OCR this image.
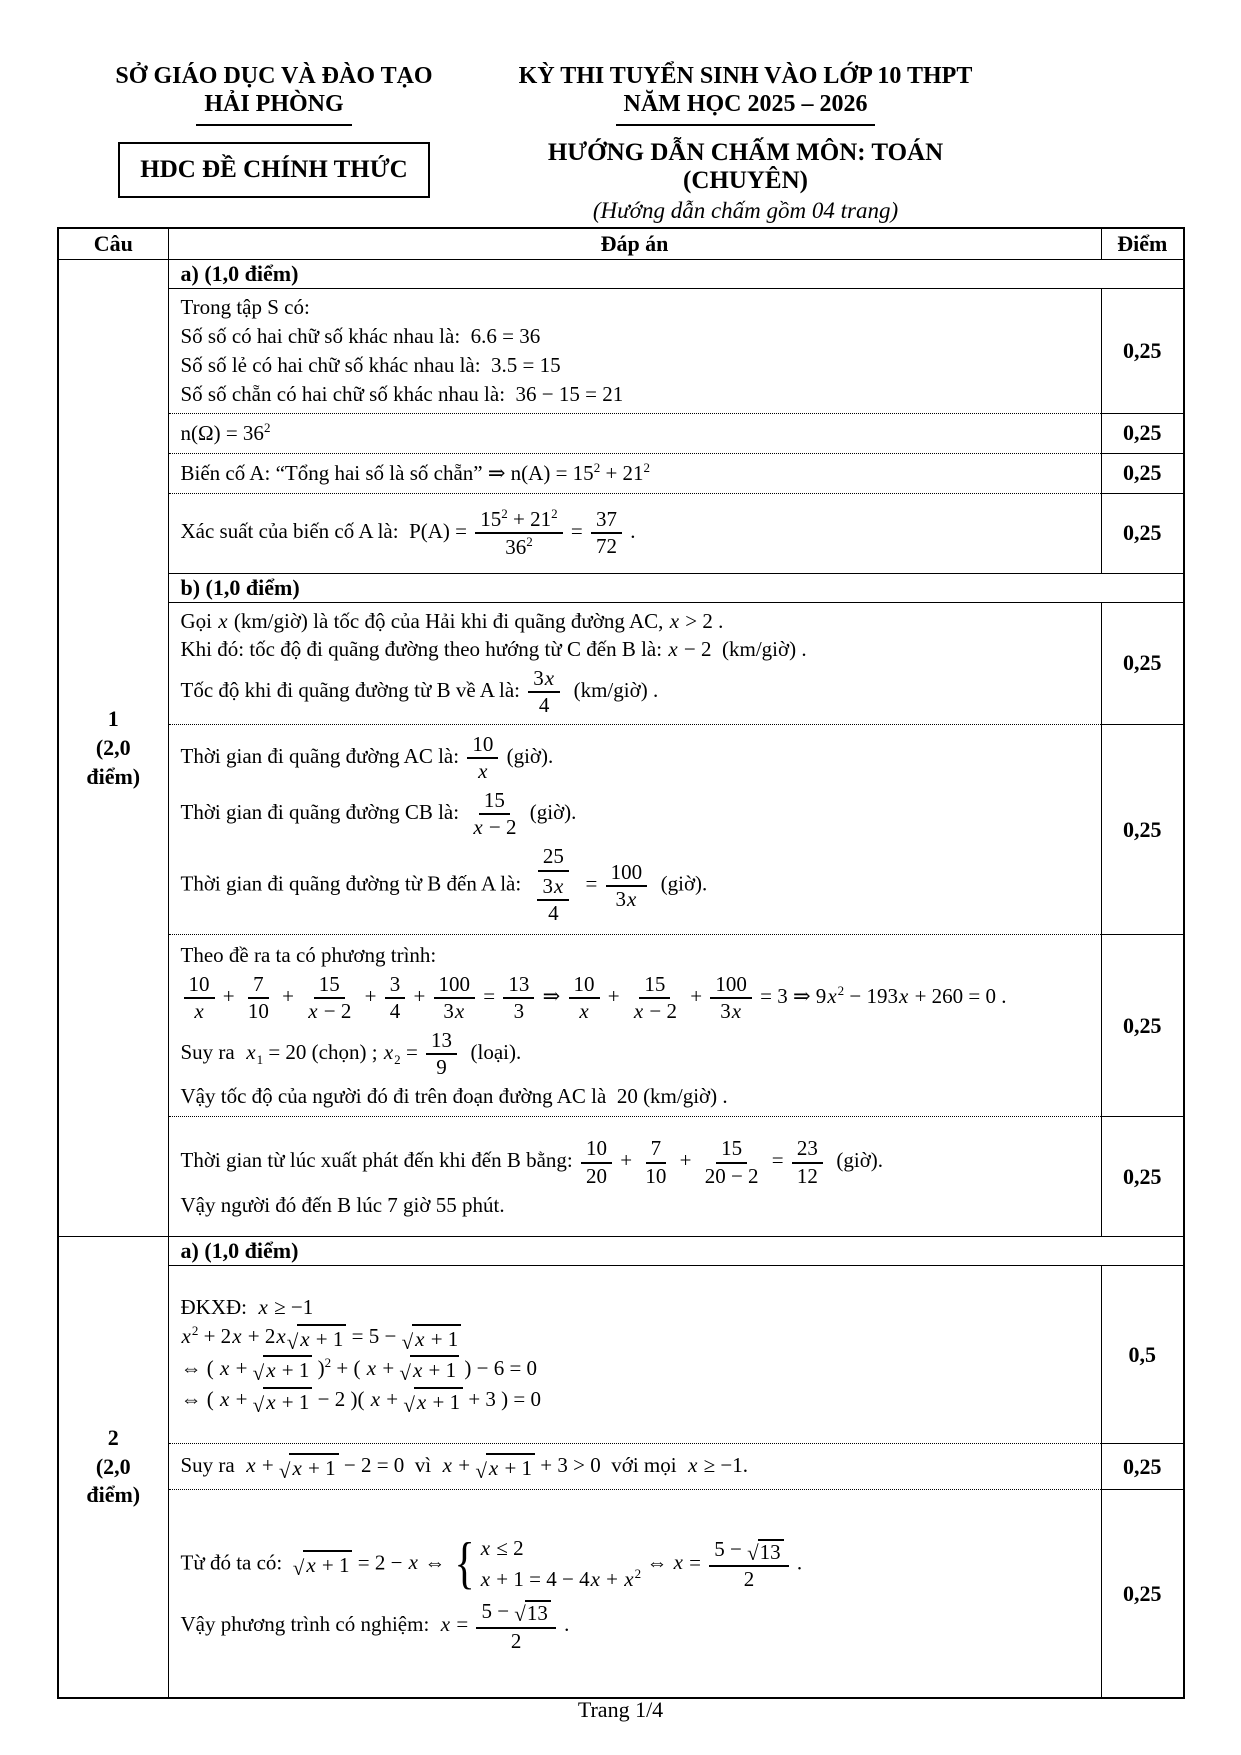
SỞ GIÁO DỤC VÀ ĐÀO TẠO
HẢI PHÒNG
HDC ĐỀ CHÍNH THỨC
KỲ THI TUYỂN SINH VÀO LỚP 10 THPT
NĂM HỌC 2025 – 2026
HƯỚNG DẪN CHẤM MÔN: TOÁN (CHUYÊN)
(Hướng dẫn chấm gồm 04 trang)
Câu	Đáp án	Điểm

1
(2,0
điểm)	a) (1,0 điểm)	

	Trong tập S có:
Số số có hai chữ số khác nhau là:  6.6 = 36
Số số lẻ có hai chữ số khác nhau là:  3.5 = 15
Số số chẵn có hai chữ số khác nhau là:  36 − 15 = 21	0,25

	$n(\Omega) = 36^2$	0,25

	Biến cố A: “Tổng hai số là số chẵn” ⇒ $n(A) = 15^2 + 21^2$	0,25

Xác suất của biến cố A là:  $P(A) = \frac{15^2 + 21^2}{36^2} = \frac{37}{72}$ .	0,25
	b) (1,0 điểm)	

Gọi x (km/giờ) là tốc độ của Hải khi đi quãng đường AC, x > 2 .
Khi đó: tốc độ đi quãng đường theo hướng từ C đến B là: x − 2  (km/giờ) .
Tốc độ khi đi quãng đường từ B về A là: $\frac{3x}{4}$ (km/giờ) .
	0,25

Thời gian đi quãng đường AC là: $\frac{10}{x}$ (giờ).
Thời gian đi quãng đường CB là: $\frac{15}{x - 2}$ (giờ).
Thời gian đi quãng đường từ B đến A là: $\frac{25}{\frac{3x}{4}} = \frac{100}{3x}$ (giờ).
	0,25

Theo đề ra ta có phương trình:
$\frac{10}{x} + \frac{7}{10} + \frac{15}{x - 2} + \frac{3}{4} + \frac{100}{3x} = \frac{13}{3}$ ⇒ $\frac{10}{x} + \frac{15}{x - 2} + \frac{100}{3x} = 3$ ⇒ $9x^2 - 193x + 260 = 0$ .
Suy ra  $x_1 = 20$ (chọn) ; $x_2 = \frac{13}{9}$ (loại).
Vậy tốc độ của người đó đi trên đoạn đường AC là  20 (km/giờ) .
	0,25

Thời gian từ lúc xuất phát đến khi đến B bằng: $\frac{10}{20} + \frac{7}{10} + \frac{15}{20 - 2} = \frac{23}{12}$ (giờ).
Vậy người đó đến B lúc 7 giờ 55 phút.
	0,25

2
(2,0
điểm)	a) (1,0 điểm)	

ĐKXĐ:  x ≥ −1
$x^2 + 2x + 2x$ √ x + 1 = 5 − √ x + 1
⇔ ( x + √ x + 1 )$^2$ + ( x + √ x + 1 ) − 6 = 0
⇔ ( x + √ x + 1 − 2 )( x + √ x + 1 + 3 ) = 0
	0,5

Suy ra  x + √ x + 1 − 2 = 0  vì  x + √ x + 1 + 3 > 0  với mọi  x ≥ −1.	0,25

Từ đó ta có: √ x + 1 = 2 − x ⇔ { x ≤ 2
$x + 1 = 4 - 4x + x^2$ ⇔ $x = \frac{5 - √ 13}{2}$ .
Vậy phương trình có nghiệm:  $x = \frac{5 - √ 13}{2}$ .
	0,25
Trang 1/4
